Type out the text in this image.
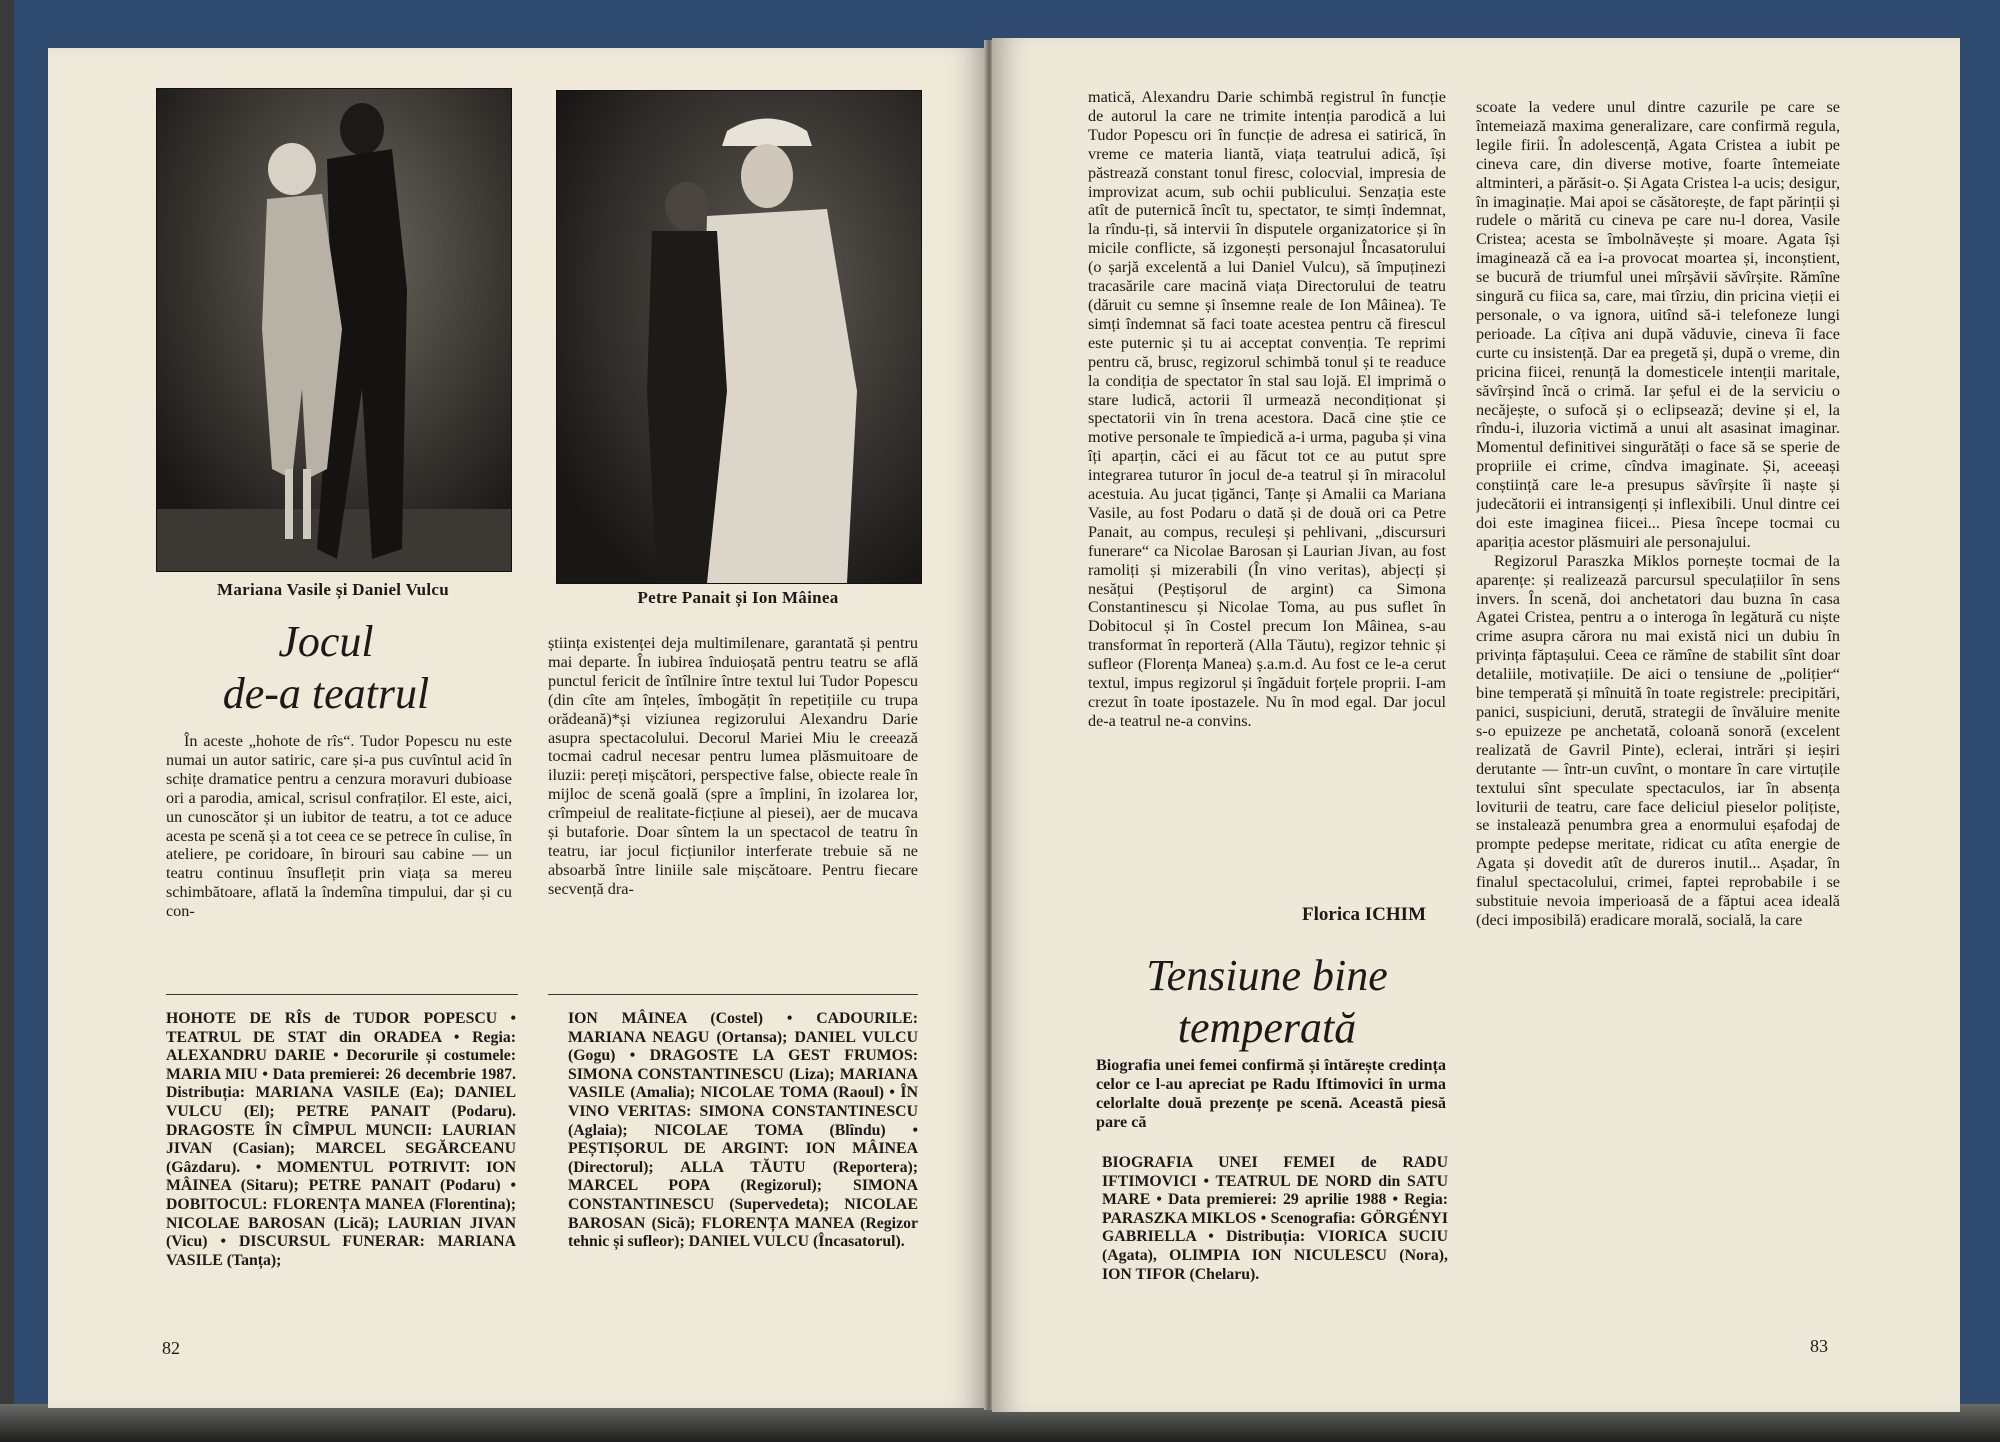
Mariana Vasile și Daniel Vulcu	Petre Panait și Ion Mâinea
Jocul
de-a teatrul

În aceste „hohote de rîs“. Tudor Popescu nu este numai un autor satiric, care și-a pus cuvîntul acid în schițe dramatice pentru a cenzura moravuri dubioase ori a parodia, amical, scrisul confraților. El este, aici, un cunoscător și un iubitor de teatru, a tot ce aduce acesta pe scenă și a tot ceea ce se petrece în culise, în ateliere, pe coridoare, în birouri sau cabine — un teatru continuu însuflețit prin viața sa mereu schimbătoare, aflată la îndemîna timpului, dar și cu con-

știința existenței deja multimilenare, garantată și pentru mai departe. În iubirea înduioșată pentru teatru se află punctul fericit de întîlnire între textul lui Tudor Popescu (din cîte am înțeles, îmbogățit în repetițiile cu trupa orădeană)*și viziunea regizorului Alexandru Darie asupra spectacolului. Decorul Mariei Miu le creează tocmai cadrul necesar pentru lumea plăsmuitoare de iluzii: pereți mișcători, perspective false, obiecte reale în mijloc de scenă goală (spre a împlini, în izolarea lor, crîmpeiul de realitate-ficțiune al piesei), aer de mucava și butaforie. Doar sîntem la un spectacol de teatru în teatru, iar jocul ficțiunilor interferate trebuie să ne absoarbă între liniile sale mișcătoare. Pentru fiecare secvență dra-

HOHOTE DE RÎS de TUDOR POPESCU • TEATRUL DE STAT din ORADEA • Regia: ALEXANDRU DARIE • Decorurile și costumele: MARIA MIU • Data premierei: 26 decembrie 1987. Distribuția: MARIANA VASILE (Ea); DANIEL VULCU (El); PETRE PANAIT (Podaru). DRAGOSTE ÎN CÎMPUL MUNCII: LAURIAN JIVAN (Casian); MARCEL SEGĂRCEANU (Gâzdaru). • MOMENTUL POTRIVIT: ION MÂINEA (Sitaru); PETRE PANAIT (Podaru) • DOBITOCUL: FLORENȚA MANEA (Florentina); NICOLAE BAROSAN (Lică); LAURIAN JIVAN (Vicu) • DISCURSUL FUNERAR: MARIANA VASILE (Tanța);
ION MÂINEA (Costel) • CADOURILE: MARIANA NEAGU (Ortansa); DANIEL VULCU (Gogu) • DRAGOSTE LA GEST FRUMOS: SIMONA CONSTANTINESCU (Liza); MARIANA VASILE (Amalia); NICOLAE TOMA (Raoul) • ÎN VINO VERITAS: SIMONA CONSTANTINESCU (Aglaia); NICOLAE TOMA (Blîndu) • PEȘTIȘORUL DE ARGINT: ION MÂINEA (Directorul); ALLA TĂUTU (Reportera); MARCEL POPA (Regizorul); SIMONA CONSTANTINESCU (Supervedeta); NICOLAE BAROSAN (Sică); FLORENȚA MANEA (Regizor tehnic și sufleor); DANIEL VULCU (Încasatorul).
82

matică, Alexandru Darie schimbă registrul în funcție de autorul la care ne trimite intenția parodică a lui Tudor Popescu ori în funcție de adresa ei satirică, în vreme ce materia liantă, viața teatrului adică, își păstrează constant tonul firesc, colocvial, impresia de improvizat acum, sub ochii publicului. Senzația este atît de puternică încît tu, spectator, te simți îndemnat, la rîndu-ți, să intervii în disputele organizatorice și în micile conflicte, să izgonești personajul Încasatorului (o șarjă excelentă a lui Daniel Vulcu), să împuținezi tracasările care macină viața Directorului de teatru (dăruit cu semne și însemne reale de Ion Mâinea). Te simți îndemnat să faci toate acestea pentru că firescul este puternic și tu ai acceptat convenția. Te reprimi pentru că, brusc, regizorul schimbă tonul și te readuce la condiția de spectator în stal sau lojă. El imprimă o stare ludică, actorii îl urmează necondiționat și spectatorii vin în trena acestora. Dacă cine știe ce motive personale te împiedică a-i urma, paguba și vina îți aparțin, căci ei au făcut tot ce au putut spre integrarea tuturor în jocul de-a teatrul și în miracolul acestuia. Au jucat țigănci, Tanțe și Amalii ca Mariana Vasile, au fost Podaru o dată și de două ori ca Petre Panait, au compus, reculeși și pehlivani, „discursuri funerare“ ca Nicolae Barosan și Laurian Jivan, au fost ramoliți și mizerabili (În vino veritas), abjecți și nesățui (Peștișorul de argint) ca Simona Constantinescu și Nicolae Toma, au pus suflet în Dobitocul și în Costel precum Ion Mâinea, s-au transformat în reporteră (Alla Tăutu), regizor tehnic și sufleor (Florența Manea) ș.a.m.d. Au fost ce le-a cerut textul, impus regizorul și îngăduit forțele proprii. I-am crezut în toate ipostazele. Nu în mod egal. Dar jocul de-a teatrul ne-a convins.

Florica ICHIM
Tensiune bine
temperată
Biografia unei femei confirmă și întărește credința celor ce l-au apreciat pe Radu Iftimovici în urma celorlalte două prezențe pe scenă. Această piesă pare că
BIOGRAFIA UNEI FEMEI de RADU IFTIMOVICI • TEATRUL DE NORD din SATU MARE • Data premierei: 29 aprilie 1988 • Regia: PARASZKA MIKLOS • Scenografia: GÖRGÉNYI GABRIELLA • Distribuția: VIORICA SUCIU (Agata), OLIMPIA ION NICULESCU (Nora), ION TIFOR (Chelaru).

scoate la vedere unul dintre cazurile pe care se întemeiază maxima generalizare, care confirmă regula, legile firii. În adolescență, Agata Cristea a iubit pe cineva care, din diverse motive, foarte întemeiate altminteri, a părăsit-o. Și Agata Cristea l-a ucis; desigur, în imaginație. Mai apoi se căsătorește, de fapt părinții și rudele o mărită cu cineva pe care nu-l dorea, Vasile Cristea; acesta se îmbolnăvește și moare. Agata își imaginează că ea i-a provocat moartea și, inconștient, se bucură de triumful unei mîrșăvii săvîrșite. Rămîne singură cu fiica sa, care, mai tîrziu, din pricina vieții ei personale, o va ignora, uitînd să-i telefoneze lungi perioade. La cîțiva ani după văduvie, cineva îi face curte cu insistență. Dar ea pregetă și, după o vreme, din pricina fiicei, renunță la domesticele intenții maritale, săvîrșind încă o crimă. Iar șeful ei de la serviciu o necăjește, o sufocă și o eclipsează; devine și el, la rîndu-i, iluzoria victimă a unui alt asasinat imaginar. Momentul definitivei singurătăți o face să se sperie de propriile ei crime, cîndva imaginate. Și, aceeași conștiință care le-a presupus săvîrșite îi naște și judecătorii ei intransigenți și inflexibili. Unul dintre cei doi este imaginea fiicei... Piesa începe tocmai cu apariția acestor plăsmuiri ale personajului.

Regizorul Paraszka Miklos pornește tocmai de la aparențe: și realizează parcursul speculațiilor în sens invers. În scenă, doi anchetatori dau buzna în casa Agatei Cristea, pentru a o interoga în legătură cu niște crime asupra cărora nu mai există nici un dubiu în privința făptașului. Ceea ce rămîne de stabilit sînt doar detaliile, motivațiile. De aici o tensiune de „polițier“ bine temperată și mînuită în toate registrele: precipitări, panici, suspiciuni, derută, strategii de învăluire menite s-o epuizeze pe anchetată, coloană sonoră (excelent realizată de Gavril Pinte), eclerai, intrări și ieșiri derutante — într-un cuvînt, o montare în care virtuțile textului sînt speculate spectaculos, iar în absența loviturii de teatru, care face deliciul pieselor polițiste, se instalează penumbra grea a enormului eșafodaj de prompte pedepse meritate, ridicat cu atîta energie de Agata și dovedit atît de dureros inutil... Așadar, în finalul spectacolului, crimei, faptei reprobabile i se substituie nevoia imperioasă de a făptui acea ideală (deci imposibilă) eradicare morală, socială, la care

83
